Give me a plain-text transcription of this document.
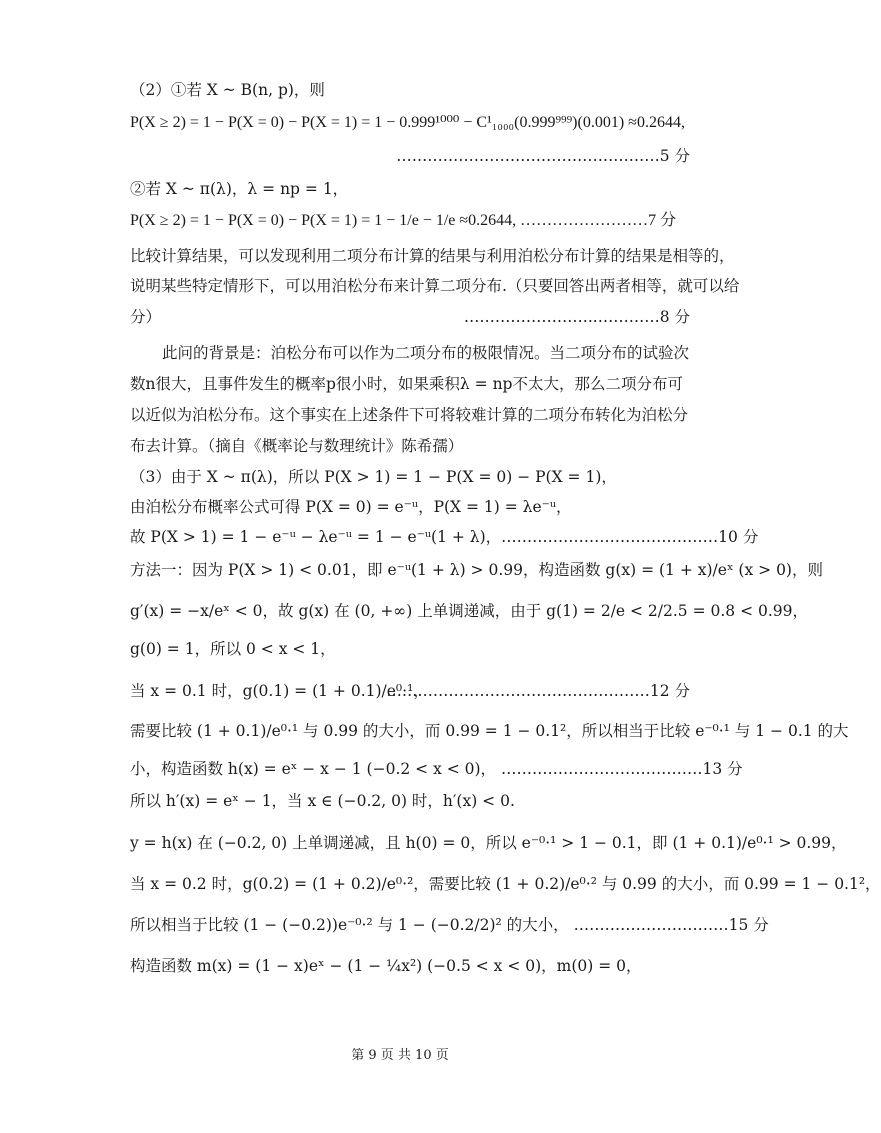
（2）①若 X ~ B(n, p)，则
P(X ≥ 2) = 1 − P(X = 0) − P(X = 1) = 1 − 0.999¹⁰⁰⁰ − C¹₁₀₀₀(0.999⁹⁹⁹)(0.001) ≈0.2644,
……………………………………………5 分
②若 X ~ π(λ)，λ = np = 1，
P(X ≥ 2) = 1 − P(X = 0) − P(X = 1) = 1 − 1/e − 1/e ≈0.2644, ……………………7 分
比较计算结果，可以发现利用二项分布计算的结果与利用泊松分布计算的结果是相等的，
说明某些特定情形下，可以用泊松分布来计算二项分布.（只要回答出两者相等，就可以给
分）	……………………..…………8 分
此问的背景是：泊松分布可以作为二项分布的极限情况。当二项分布的试验次数n很大，且事件发生的概率p很小时，如果乘积λ = np不太大，那么二项分布可以近似为泊松分布。这个事实在上述条件下可将较难计算的二项分布转化为泊松分布去计算。（摘自《概率论与数理统计》陈希孺）
（3）由于 X ~ π(λ)，所以 P(X > 1) = 1 − P(X = 0) − P(X = 1)，
由泊松分布概率公式可得 P(X = 0) = e⁻ᵘ，P(X = 1) = λe⁻ᵘ，
故 P(X > 1) = 1 − e⁻ᵘ − λe⁻ᵘ = 1 − e⁻ᵘ(1 + λ)，……………………………………10 分
方法一：因为 P(X > 1) < 0.01，即 e⁻ᵘ(1 + λ) > 0.99，构造函数 g(x) = (1 + x)/eˣ (x > 0)，则
g′(x) = −x/eˣ < 0，故 g(x) 在 (0, +∞) 上单调递减，由于 g(1) = 2/e < 2/2.5 = 0.8 < 0.99，
g(0) = 1，所以 0 < x < 1，
当 x = 0.1 时，g(0.1) = (1 + 0.1)/e⁰·¹，
……………………………………………12 分
需要比较 (1 + 0.1)/e⁰·¹ 与 0.99 的大小，而 0.99 = 1 − 0.1²，所以相当于比较 e⁻⁰·¹ 与 1 − 0.1 的大
小，构造函数 h(x) = eˣ − x − 1 (−0.2 < x < 0)， …………………………………13 分
所以 h′(x) = eˣ − 1，当 x ∈ (−0.2, 0) 时，h′(x) < 0.
y = h(x) 在 (−0.2, 0) 上单调递减，且 h(0) = 0，所以 e⁻⁰·¹ > 1 − 0.1，即 (1 + 0.1)/e⁰·¹ > 0.99，
当 x = 0.2 时，g(0.2) = (1 + 0.2)/e⁰·²，需要比较 (1 + 0.2)/e⁰·² 与 0.99 的大小，而 0.99 = 1 − 0.1²，
所以相当于比较 (1 − (−0.2))e⁻⁰·² 与 1 − (−0.2/2)² 的大小， …………………………15 分
构造函数 m(x) = (1 − x)eˣ − (1 − ¼x²) (−0.5 < x < 0)，m(0) = 0，
第 9 页 共 10 页
